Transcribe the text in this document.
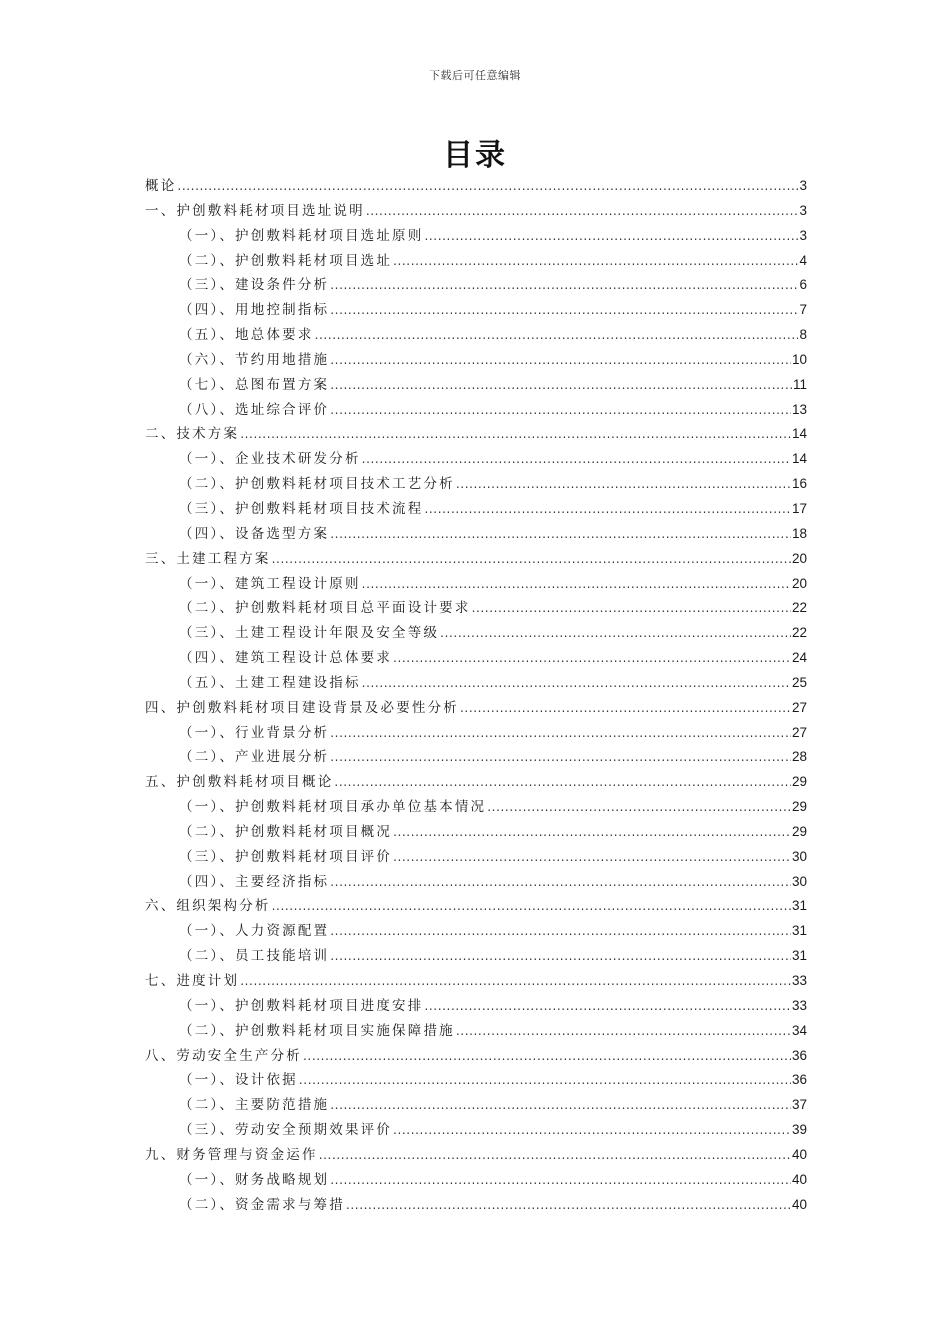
下载后可任意编辑
目录
概论 .....	3
一、护创敷料耗材项目选址说明 .....	3
（一）、护创敷料耗材项目选址原则 .....	3
（二）、护创敷料耗材项目选址 .....	4
（三）、建设条件分析 .....	6
（四）、用地控制指标 .....	7
（五）、地总体要求 .....	8
（六）、节约用地措施 .....	10
（七）、总图布置方案 .....	11
（八）、选址综合评价 .....	13
二、技术方案 .....	14
（一）、企业技术研发分析 .....	14
（二）、护创敷料耗材项目技术工艺分析 .....	16
（三）、护创敷料耗材项目技术流程 .....	17
（四）、设备选型方案 .....	18
三、土建工程方案 .....	20
（一）、建筑工程设计原则 .....	20
（二）、护创敷料耗材项目总平面设计要求 .....	22
（三）、土建工程设计年限及安全等级 .....	22
（四）、建筑工程设计总体要求 .....	24
（五）、土建工程建设指标 .....	25
四、护创敷料耗材项目建设背景及必要性分析 .....	27
（一）、行业背景分析 .....	27
（二）、产业进展分析 .....	28
五、护创敷料耗材项目概论 .....	29
（一）、护创敷料耗材项目承办单位基本情况 .....	29
（二）、护创敷料耗材项目概况 .....	29
（三）、护创敷料耗材项目评价 .....	30
（四）、主要经济指标 .....	30
六、组织架构分析 .....	31
（一）、人力资源配置 .....	31
（二）、员工技能培训 .....	31
七、进度计划 .....	33
（一）、护创敷料耗材项目进度安排 .....	33
（二）、护创敷料耗材项目实施保障措施 .....	34
八、劳动安全生产分析 .....	36
（一）、设计依据 .....	36
（二）、主要防范措施 .....	37
（三）、劳动安全预期效果评价 .....	39
九、财务管理与资金运作 .....	40
（一）、财务战略规划 .....	40
（二）、资金需求与筹措 .....	40
